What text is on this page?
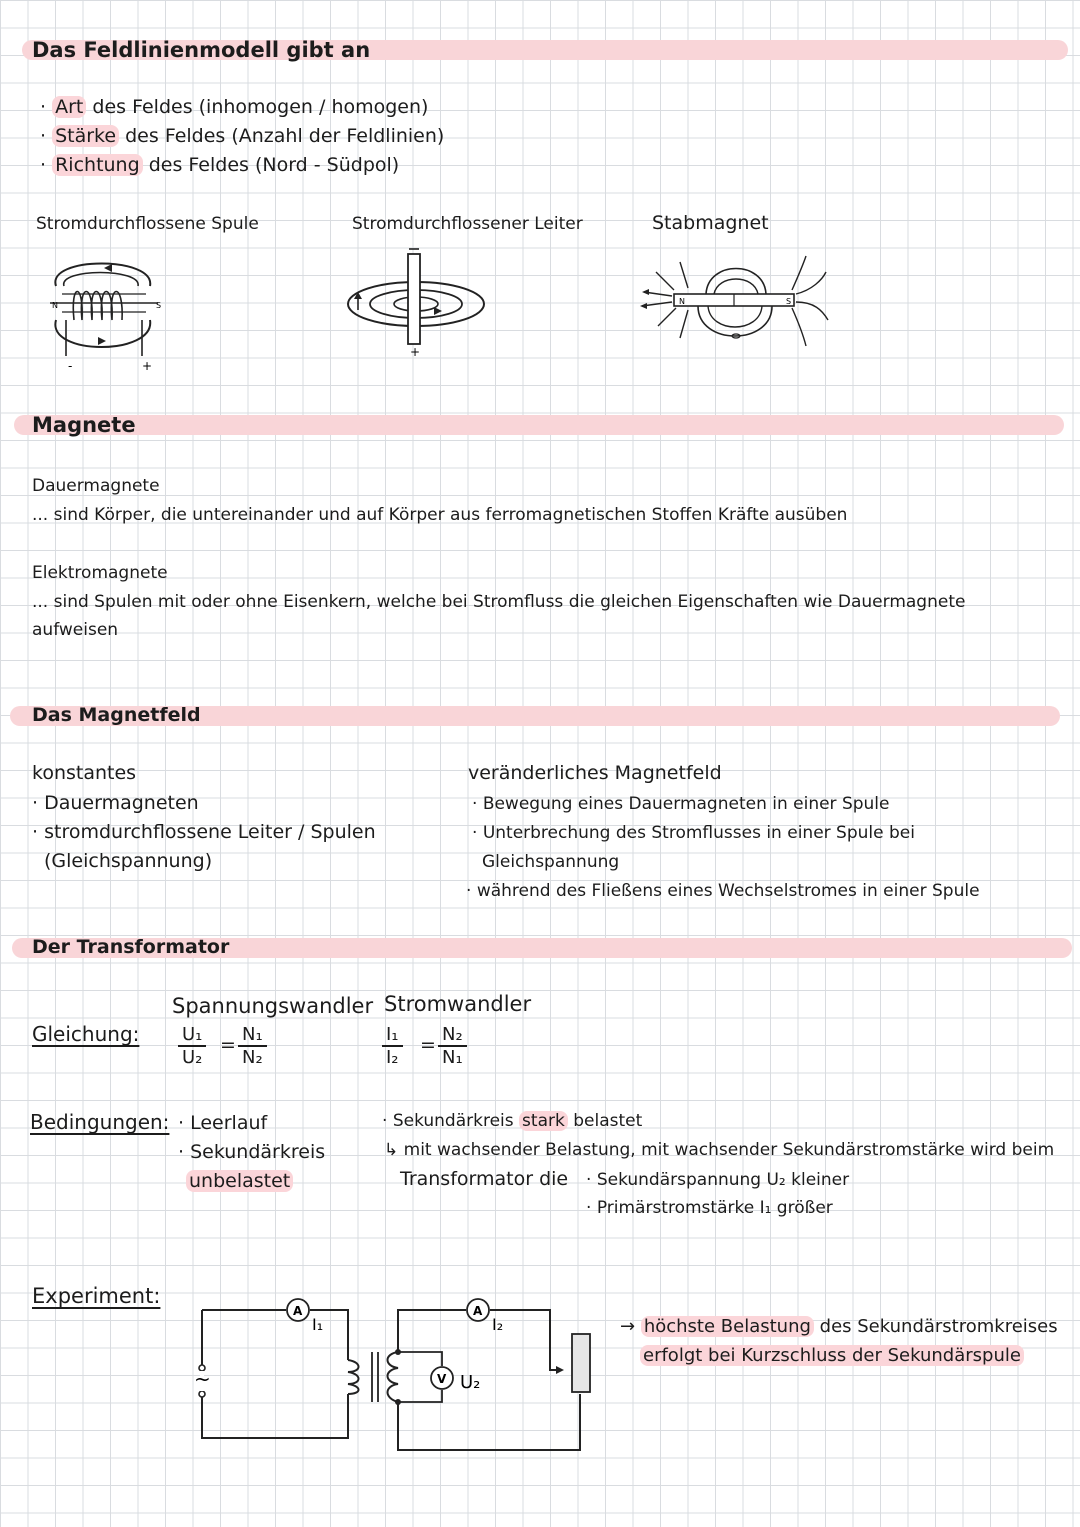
Das Feldlinienmodell gibt an
· Art des Feldes (inhomogen / homogen)
· Stärke des Feldes (Anzahl der Feldlinien)
· Richtung des Feldes (Nord - Südpol)
Stromdurchflossene Spule	Stromdurchflossener Leiter	Stabmagnet
N	S
-	+
+
N	S
Magnete
Dauermagnete
... sind Körper, die untereinander und auf Körper aus ferromagnetischen Stoffen Kräfte ausüben
Elektromagnete
... sind Spulen mit oder ohne Eisenkern, welche bei Stromfluss die gleichen Eigenschaften wie Dauermagnete
aufweisen
Das Magnetfeld
konstantes
· Dauermagneten
· stromdurchflossene Leiter / Spulen
(Gleichspannung)
veränderliches Magnetfeld
· Bewegung eines Dauermagneten in einer Spule
· Unterbrechung des Stromflusses in einer Spule bei
Gleichspannung
· während des Fließens eines Wechselstromes in einer Spule
Der Transformator
Gleichung:
Spannungswandler Stromwandler
$\frac{\text{U₁}}{\text{U₂}} = \frac{\text{N₁}}{\text{N₂}}$	$\frac{\text{I₁}}{\text{I₂}} = \frac{\text{N₂}}{\text{N₁}}$
Bedingungen: · Leerlauf
· Sekundärkreis
unbelastet
· Sekundärkreis stark belastet
↳ mit wachsender Belastung, mit wachsender Sekundärstromstärke wird beim
Transformator die · Sekundärspannung U₂ kleiner
· Primärstromstärke I₁ größer
Experiment:
~
A
I₁
V U₂
A
I₂	→ höchste Belastung des Sekundärstromkreises
erfolgt bei Kurzschluss der Sekundärspule
